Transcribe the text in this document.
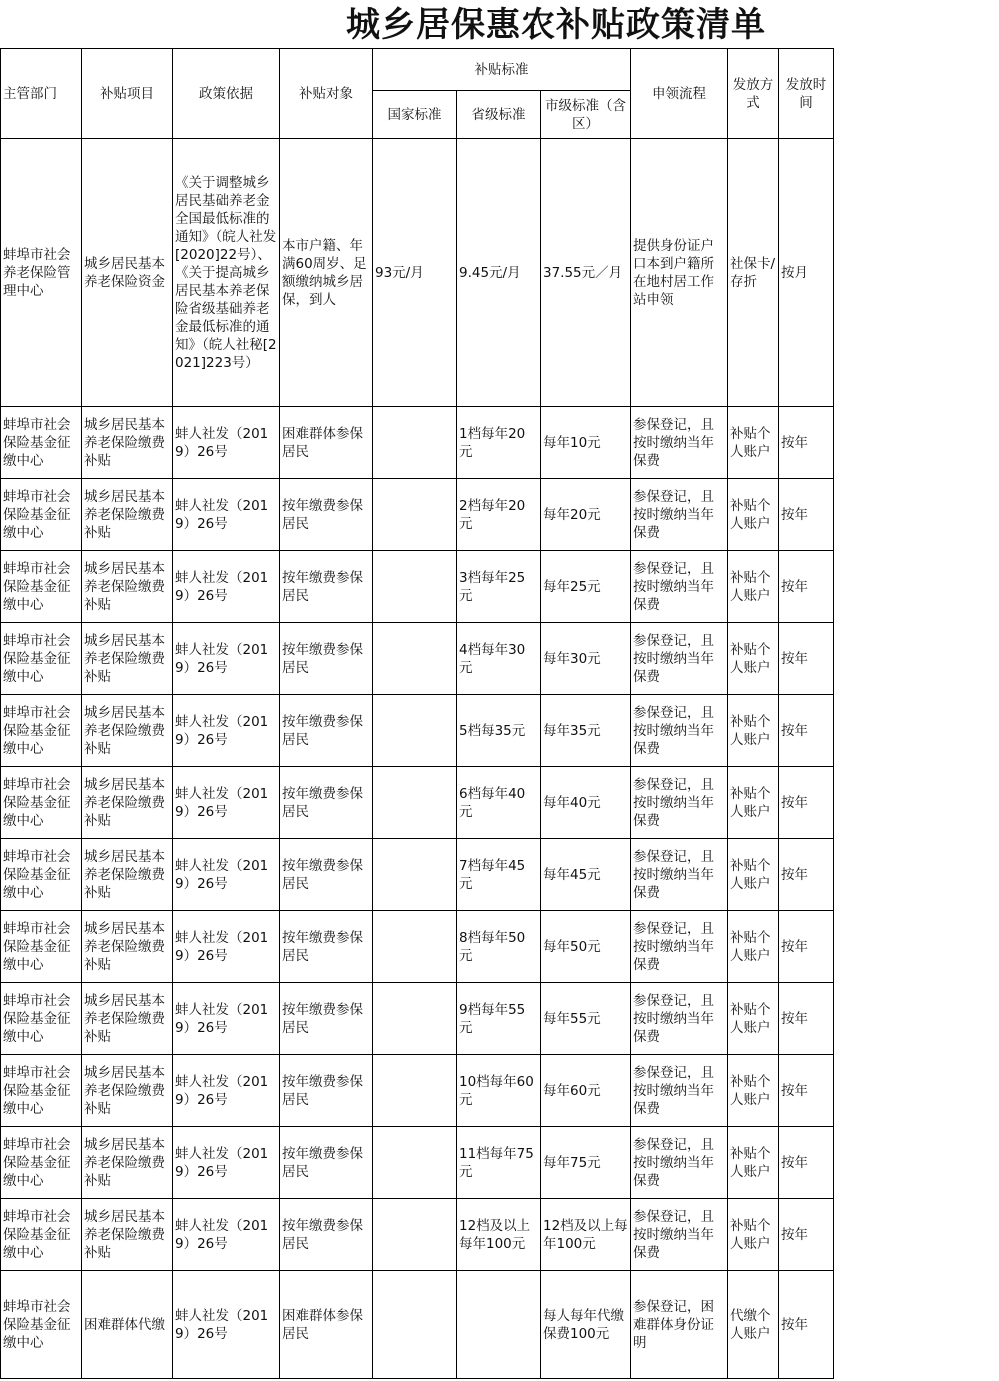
城乡居保惠农补贴政策清单
主管部门	补贴项目	政策依据	补贴对象	补贴标准			申领流程	发放方式	发放时间
				国家标准	省级标准	市级标准（含区）			
蚌埠市社会养老保险管理中心	城乡居民基本养老保险资金	《关于调整城乡居民基础养老金全国最低标准的通知》（皖人社发[2020]22号）、《关于提高城乡居民基本养老保险省级基础养老金最低标准的通知》（皖人社秘[2021]223号）	本市户籍、年满60周岁、足额缴纳城乡居保，到人	93元/月	9.45元/月	37.55元／月	提供身份证户口本到户籍所在地村居工作站申领	社保卡/存折	按月
蚌埠市社会保险基金征缴中心	城乡居民基本养老保险缴费补贴	蚌人社发（2019）26号	困难群体参保居民		1档每年20元	每年10元	参保登记，且按时缴纳当年保费	补贴个人账户	按年
蚌埠市社会保险基金征缴中心	城乡居民基本养老保险缴费补贴	蚌人社发（2019）26号	按年缴费参保居民		2档每年20元	每年20元	参保登记，且按时缴纳当年保费	补贴个人账户	按年
蚌埠市社会保险基金征缴中心	城乡居民基本养老保险缴费补贴	蚌人社发（2019）26号	按年缴费参保居民		3档每年25元	每年25元	参保登记，且按时缴纳当年保费	补贴个人账户	按年
蚌埠市社会保险基金征缴中心	城乡居民基本养老保险缴费补贴	蚌人社发（2019）26号	按年缴费参保居民		4档每年30元	每年30元	参保登记，且按时缴纳当年保费	补贴个人账户	按年
蚌埠市社会保险基金征缴中心	城乡居民基本养老保险缴费补贴	蚌人社发（2019）26号	按年缴费参保居民		5档每35元	每年35元	参保登记，且按时缴纳当年保费	补贴个人账户	按年
蚌埠市社会保险基金征缴中心	城乡居民基本养老保险缴费补贴	蚌人社发（2019）26号	按年缴费参保居民		6档每年40元	每年40元	参保登记，且按时缴纳当年保费	补贴个人账户	按年
蚌埠市社会保险基金征缴中心	城乡居民基本养老保险缴费补贴	蚌人社发（2019）26号	按年缴费参保居民		7档每年45元	每年45元	参保登记，且按时缴纳当年保费	补贴个人账户	按年
蚌埠市社会保险基金征缴中心	城乡居民基本养老保险缴费补贴	蚌人社发（2019）26号	按年缴费参保居民		8档每年50元	每年50元	参保登记，且按时缴纳当年保费	补贴个人账户	按年
蚌埠市社会保险基金征缴中心	城乡居民基本养老保险缴费补贴	蚌人社发（2019）26号	按年缴费参保居民		9档每年55元	每年55元	参保登记，且按时缴纳当年保费	补贴个人账户	按年
蚌埠市社会保险基金征缴中心	城乡居民基本养老保险缴费补贴	蚌人社发（2019）26号	按年缴费参保居民		10档每年60元	每年60元	参保登记，且按时缴纳当年保费	补贴个人账户	按年
蚌埠市社会保险基金征缴中心	城乡居民基本养老保险缴费补贴	蚌人社发（2019）26号	按年缴费参保居民		11档每年75元	每年75元	参保登记，且按时缴纳当年保费	补贴个人账户	按年
蚌埠市社会保险基金征缴中心	城乡居民基本养老保险缴费补贴	蚌人社发（2019）26号	按年缴费参保居民		12档及以上每年100元	12档及以上每年100元	参保登记，且按时缴纳当年保费	补贴个人账户	按年
蚌埠市社会保险基金征缴中心	困难群体代缴	蚌人社发（2019）26号	困难群体参保居民			每人每年代缴保费100元	参保登记，困难群体身份证明	代缴个人账户	按年
